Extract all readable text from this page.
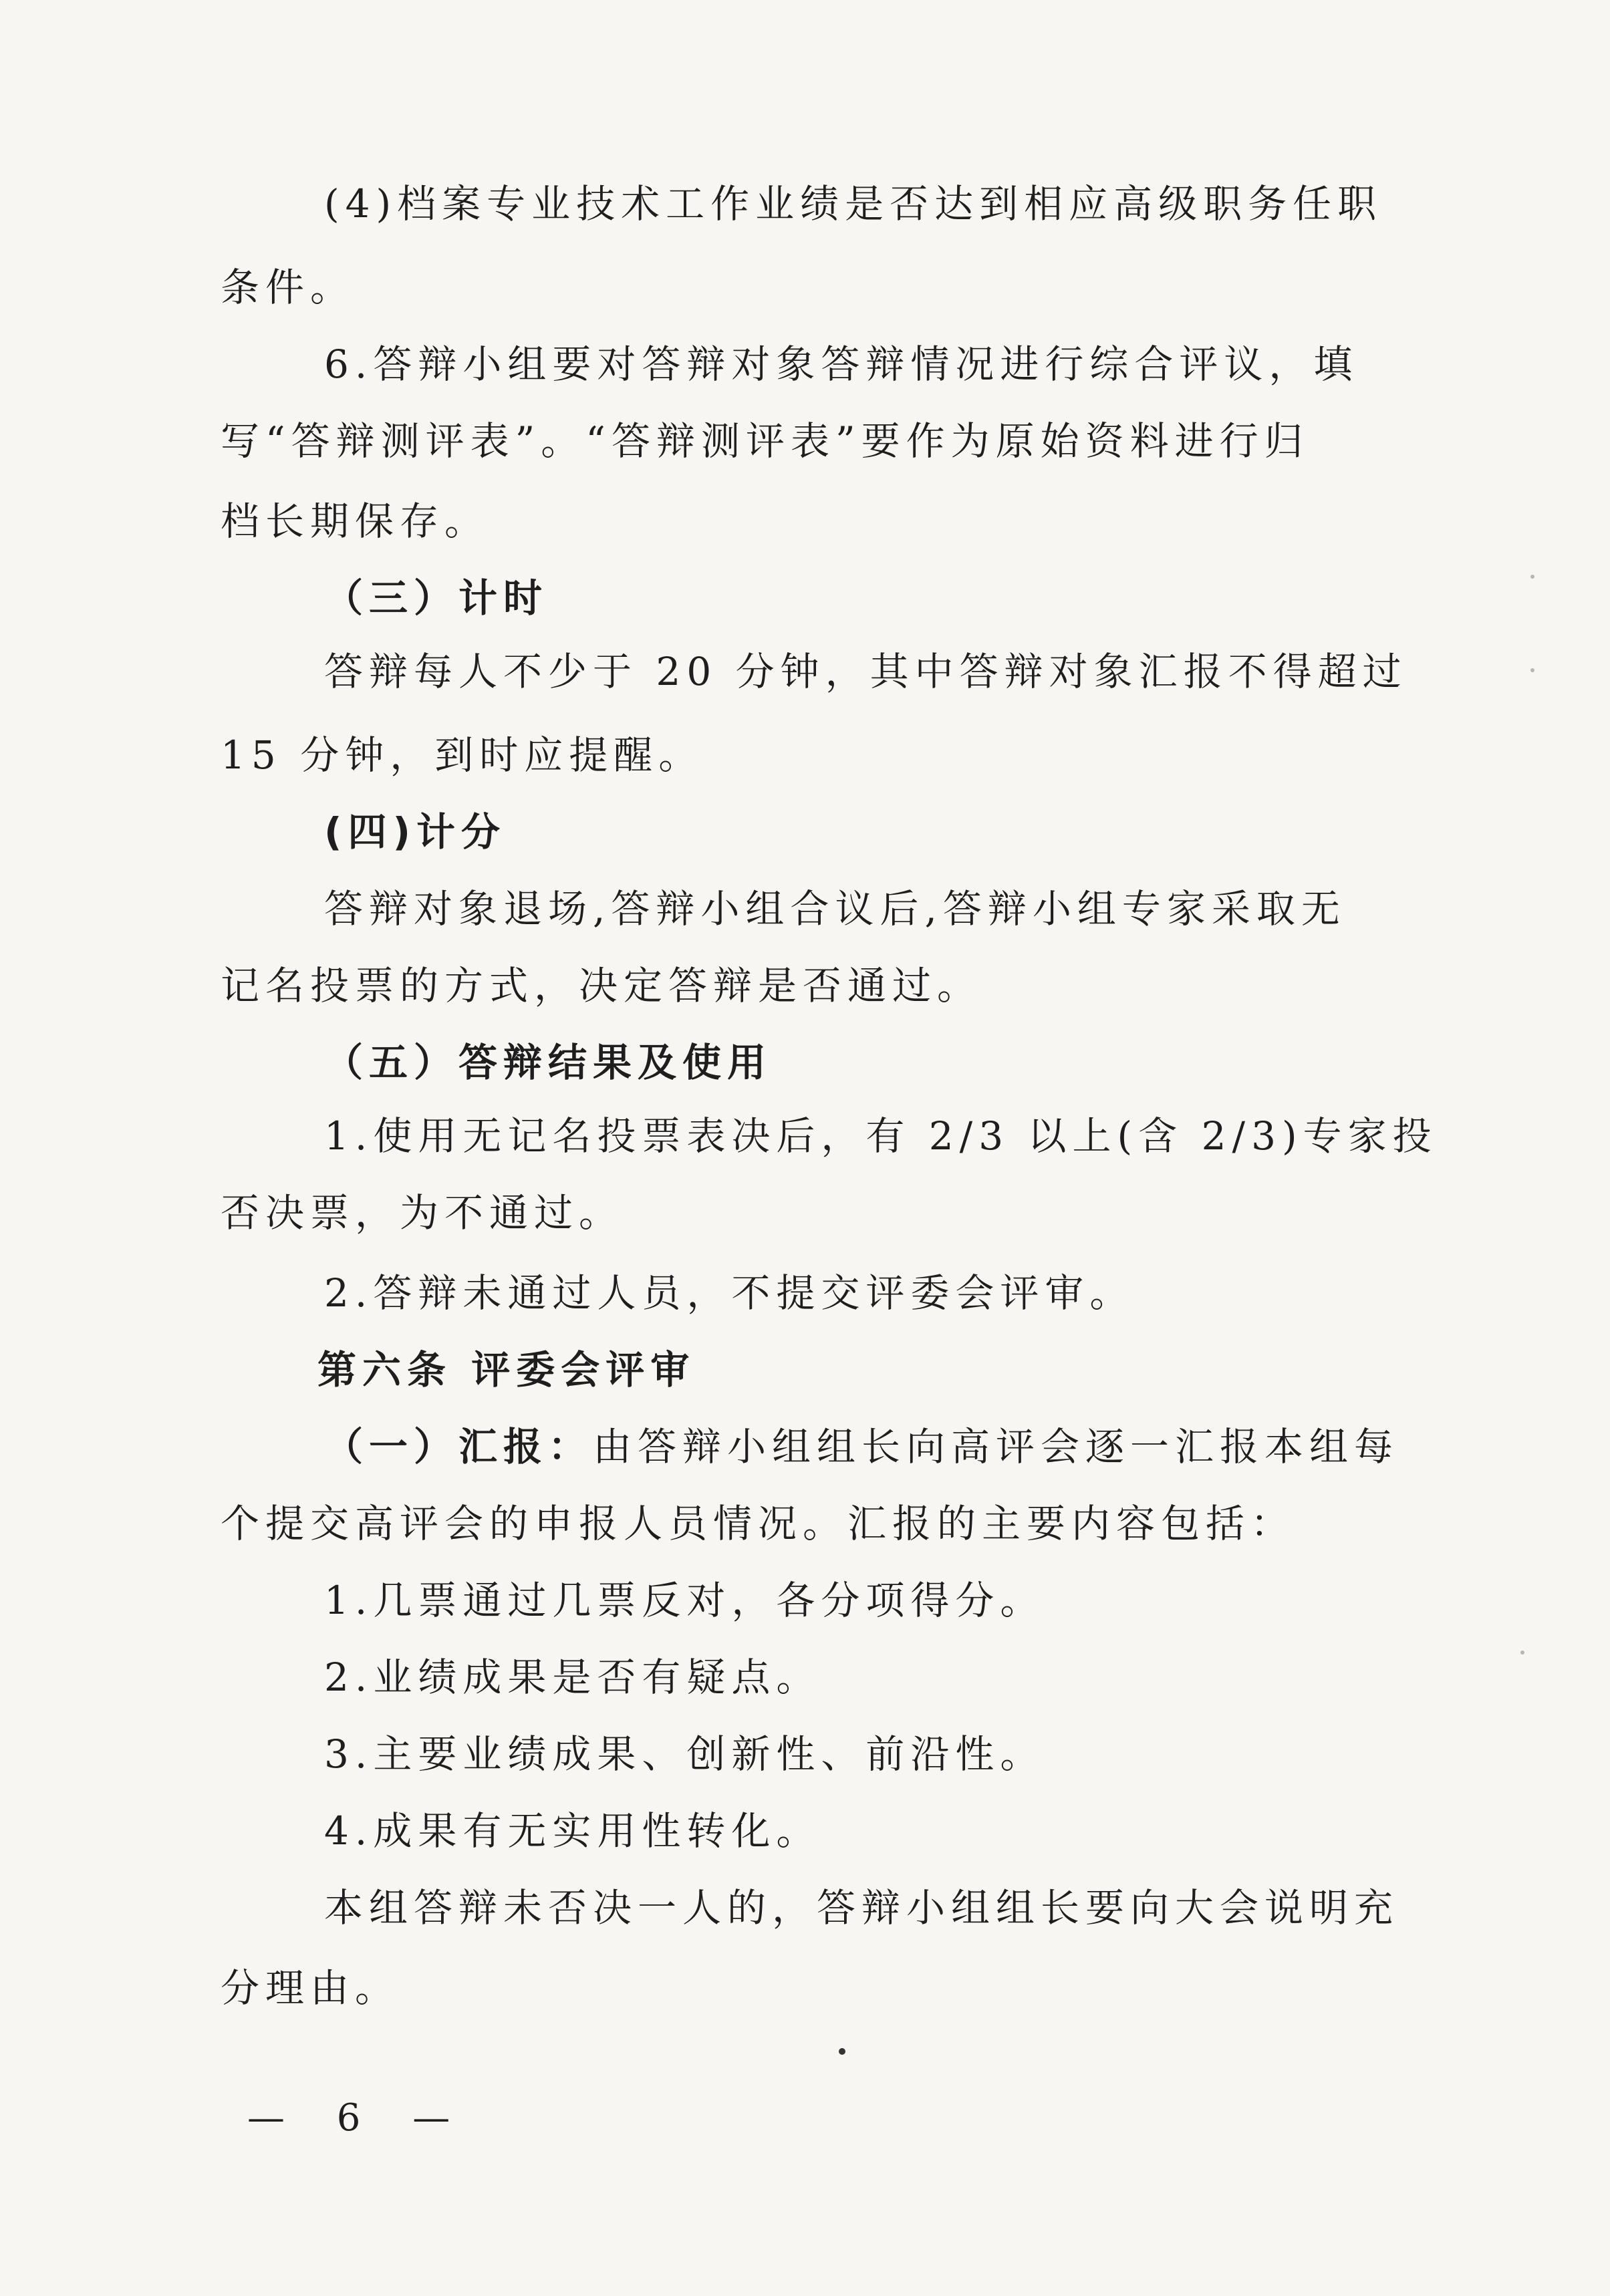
(4)档案专业技术工作业绩是否达到相应高级职务任职
条件。
6.答辩小组要对答辩对象答辩情况进行综合评议，填
写“答辩测评表”。“答辩测评表”要作为原始资料进行归
档长期保存。
（三）计时
答辩每人不少于 20 分钟，其中答辩对象汇报不得超过
15 分钟，到时应提醒。
(四)计分
答辩对象退场,答辩小组合议后,答辩小组专家采取无
记名投票的方式，决定答辩是否通过。
（五）答辩结果及使用
1.使用无记名投票表决后，有 2/3 以上(含 2/3)专家投
否决票，为不通过。
2.答辩未通过人员，不提交评委会评审。
第六条 评委会评审
（一）汇报：由答辩小组组长向高评会逐一汇报本组每
个提交高评会的申报人员情况。汇报的主要内容包括：
1.几票通过几票反对，各分项得分。
2.业绩成果是否有疑点。
3.主要业绩成果、创新性、前沿性。
4.成果有无实用性转化。
本组答辩未否决一人的，答辩小组组长要向大会说明充
分理由。
— 6 —
